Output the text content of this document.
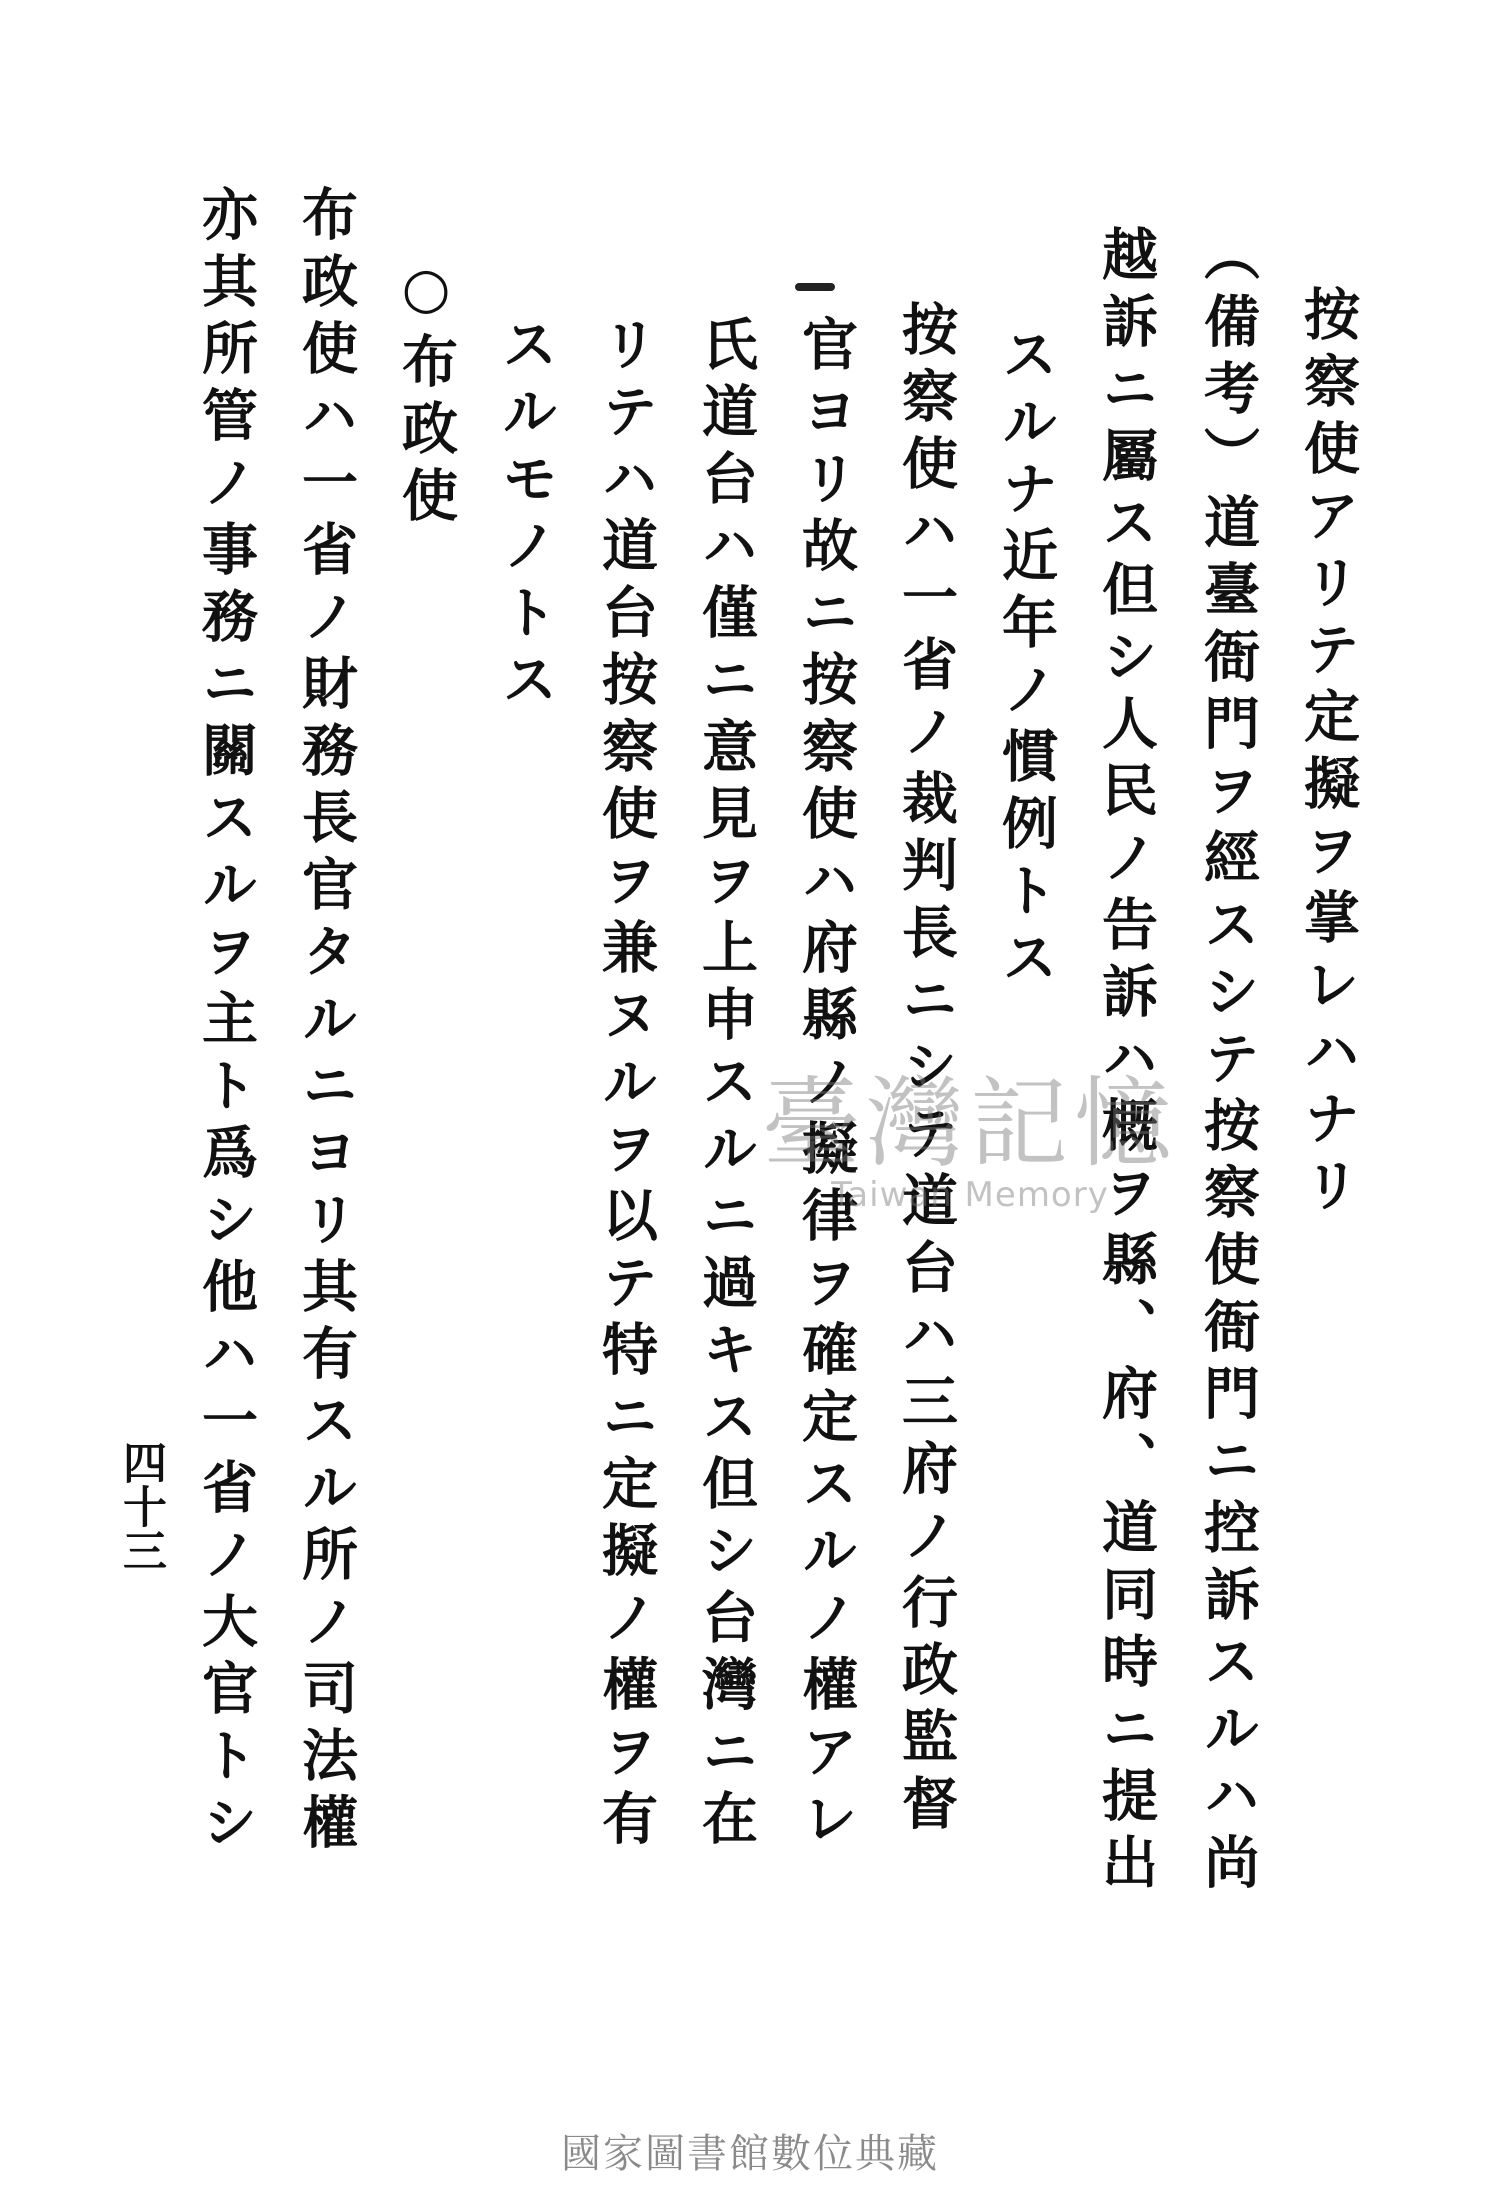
按察使アリテ定擬ヲ掌レハナリ
（備考）道臺衙門ヲ經スシテ按察使衙門ニ控訴スルハ尚
越訴ニ屬ス但シ人民ノ告訴ハ概ヲ縣、府、道同時ニ提出
スルナ近年ノ慣例トス
按察使ハ一省ノ裁判長ニシテ道台ハ三府ノ行政監督
官ヨリ故ニ按察使ハ府縣ノ擬律ヲ確定スルノ權アレ
氏道台ハ僅ニ意見ヲ上申スルニ過キス但シ台灣ニ在
リテハ道台按察使ヲ兼ヌルヲ以テ特ニ定擬ノ權ヲ有
スルモノトス
○布政使
布政使ハ一省ノ財務長官タルニヨリ其有スル所ノ司法權
亦其所管ノ事務ニ關スルヲ主ト爲シ他ハ一省ノ大官トシ
四十三
臺灣記憶
Taiwan Memory
國家圖書館數位典藏
